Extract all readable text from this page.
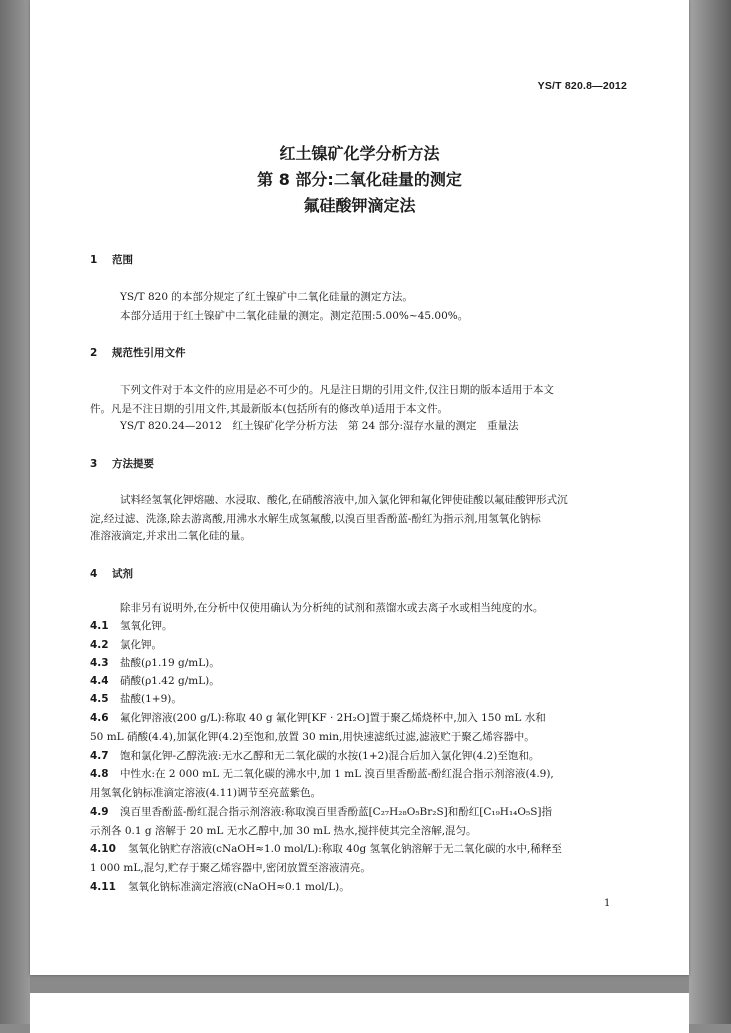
YS/T 820.8—2012
红土镍矿化学分析方法
第 8 部分:二氧化硅量的测定
氟硅酸钾滴定法
1 范围
YS/T 820 的本部分规定了红土镍矿中二氧化硅量的测定方法。
本部分适用于红土镍矿中二氧化硅量的测定。测定范围:5.00%~45.00%。
2 规范性引用文件
下列文件对于本文件的应用是必不可少的。凡是注日期的引用文件,仅注日期的版本适用于本文
件。凡是不注日期的引用文件,其最新版本(包括所有的修改单)适用于本文件。
YS/T 820.24—2012　红土镍矿化学分析方法　第 24 部分:湿存水量的测定　重量法
3 方法提要
试料经氢氧化钾熔融、水浸取、酸化,在硝酸溶液中,加入氯化钾和氟化钾使硅酸以氟硅酸钾形式沉
淀,经过滤、洗涤,除去游离酸,用沸水水解生成氢氟酸,以溴百里香酚蓝-酚红为指示剂,用氢氧化钠标
准溶液滴定,并求出二氧化硅的量。
4 试剂
除非另有说明外,在分析中仅使用确认为分析纯的试剂和蒸馏水或去离子水或相当纯度的水。
4.1 氢氧化钾。
4.2 氯化钾。
4.3 盐酸(ρ1.19 g/mL)。
4.4 硝酸(ρ1.42 g/mL)。
4.5 盐酸(1+9)。
4.6 氟化钾溶液(200 g/L):称取 40 g 氟化钾[KF · 2H₂O]置于聚乙烯烧杯中,加入 150 mL 水和
50 mL 硝酸(4.4),加氯化钾(4.2)至饱和,放置 30 min,用快速滤纸过滤,滤液贮于聚乙烯容器中。
4.7 饱和氯化钾-乙醇洗液:无水乙醇和无二氧化碳的水按(1+2)混合后加入氯化钾(4.2)至饱和。
4.8 中性水:在 2 000 mL 无二氧化碳的沸水中,加 1 mL 溴百里香酚蓝-酚红混合指示剂溶液(4.9),
用氢氧化钠标准滴定溶液(4.11)调节至亮蓝紫色。
4.9 溴百里香酚蓝-酚红混合指示剂溶液:称取溴百里香酚蓝[C₂₇H₂₈O₅Br₂S]和酚红[C₁₉H₁₄O₅S]指
示剂各 0.1 g 溶解于 20 mL 无水乙醇中,加 30 mL 热水,搅拌使其完全溶解,混匀。
4.10 氢氧化钠贮存溶液(cNaOH≈1.0 mol/L):称取 40g 氢氧化钠溶解于无二氧化碳的水中,稀释至
1 000 mL,混匀,贮存于聚乙烯容器中,密闭放置至溶液清亮。
4.11 氢氧化钠标准滴定溶液(cNaOH≈0.1 mol/L)。
1
